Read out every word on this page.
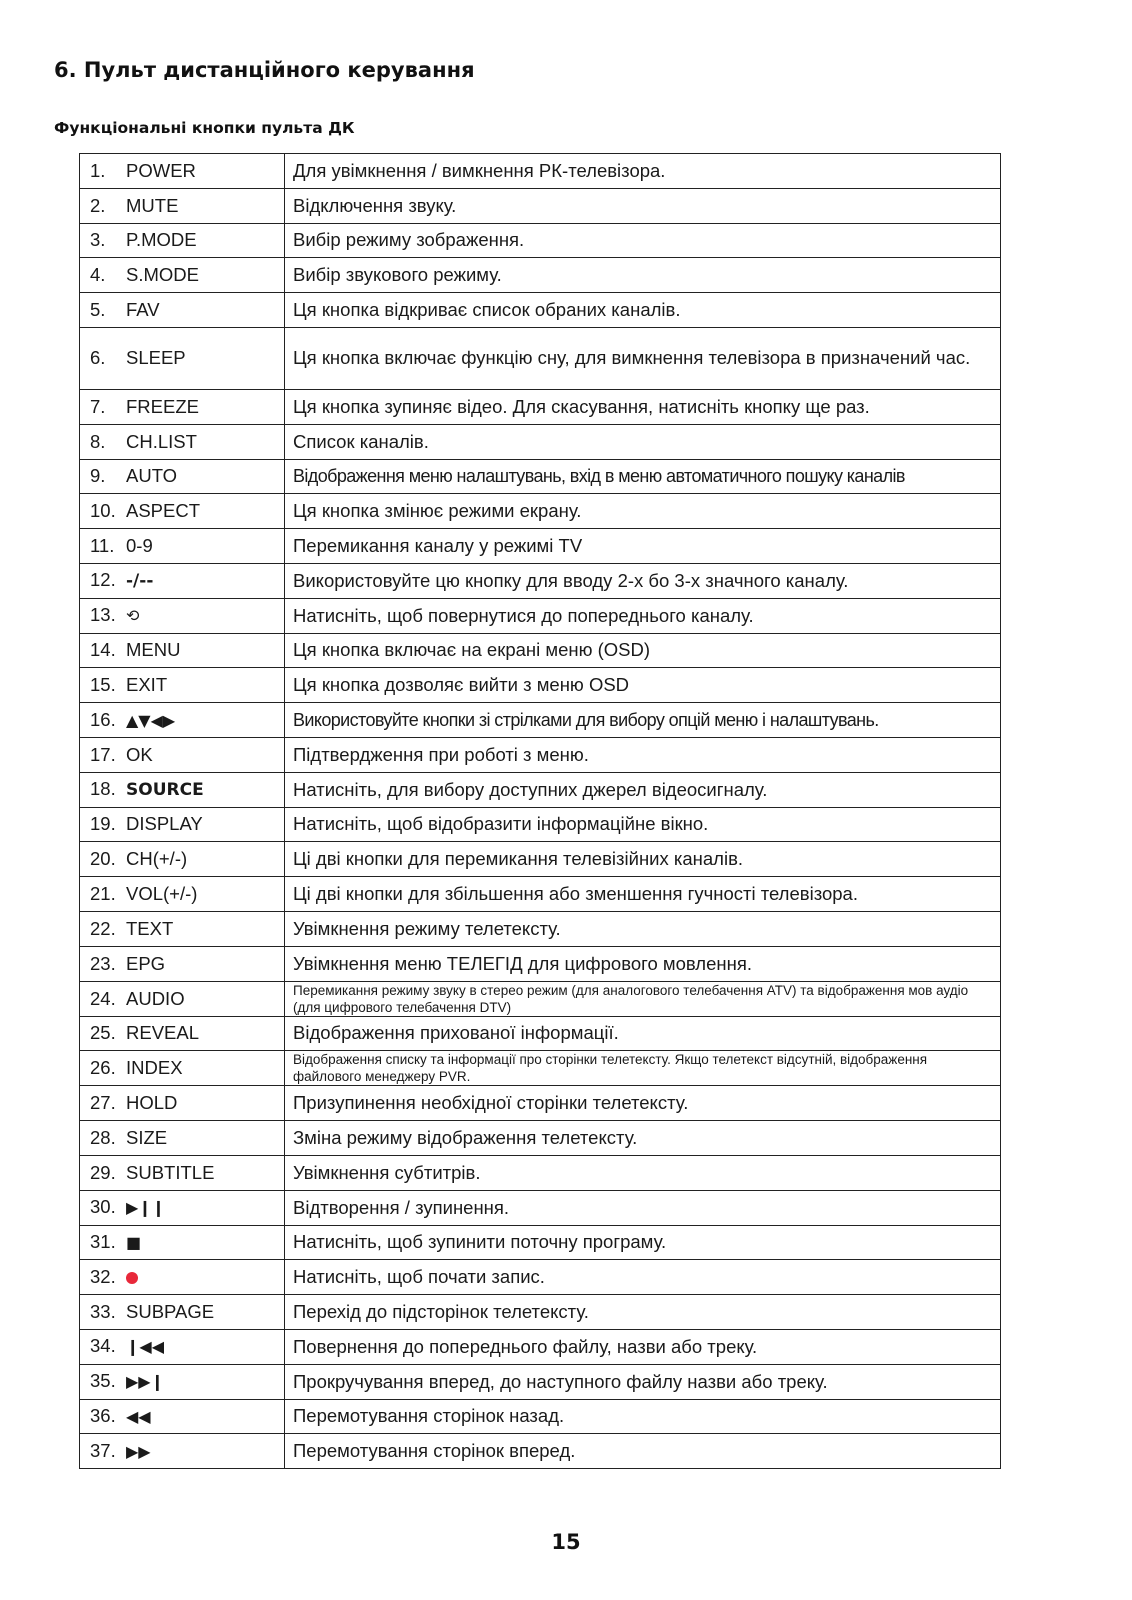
6. Пульт дистанційного керування
Функціональні кнопки пульта ДК
1. POWER	Для увімкнення / вимкнення РК-телевізора.
2. MUTE	Відключення звуку.
3. P.MODE	Вибір режиму зображення.
4. S.MODE	Вибір звукового режиму.
5. FAV	Ця кнопка відкриває список обраних каналів.
6. SLEEP	Ця кнопка включає функцію сну, для вимкнення телевізора в призначений час.
7. FREEZE	Ця кнопка зупиняє відео. Для скасування, натисніть кнопку ще раз.
8. CH.LIST	Список каналів.
9. AUTO	Відображення меню налаштувань, вхід в меню автоматичного пошуку каналів
10. ASPECT	Ця кнопка змінює режими екрану.
11. 0-9	Перемикання каналу у режимі TV
12. -/--	Використовуйте цю кнопку для вводу 2-х бо 3-х значного каналу.
13. ⟲	Натисніть, щоб повернутися до попереднього каналу.
14. MENU	Ця кнопка включає на екрані меню (OSD)
15. EXIT	Ця кнопка дозволяє вийти з меню OSD
16. ▲▼◀▶	Використовуйте кнопки зі стрілками для вибору опцій меню і налаштувань.
17. OK	Підтвердження при роботі з меню.
18. SOURCE	Натисніть, для вибору доступних джерел відеосигналу.
19. DISPLAY	Натисніть, щоб відобразити інформаційне вікно.
20. CH(+/-)	Ці дві кнопки для перемикання телевізійних каналів.
21. VOL(+/-)	Ці дві кнопки для збільшення або зменшення гучності телевізора.
22. TEXT	Увімкнення режиму телетексту.
23. EPG	Увімкнення меню ТЕЛЕГІД для цифрового мовлення.
24. AUDIO	Перемикання режиму звуку в стерео режим (для аналогового телебачення ATV) та відображення мов аудіо (для цифрового телебачення DTV)
25. REVEAL	Відображення прихованої інформації.
26. INDEX	Відображення списку та інформації про сторінки телетексту. Якщо телетекст відсутній, відображення файлового менеджеру PVR.
27. HOLD	Призупинення необхідної сторінки телетексту.
28. SIZE	Зміна режиму відображення телетексту.
29. SUBTITLE	Увімкнення субтитрів.
30. ▶❙❙	Відтворення / зупинення.
31. ■	Натисніть, щоб зупинити поточну програму.
32.	Натисніть, щоб почати запис.
33. SUBPAGE	Перехід до підсторінок телетексту.
34. ❙◀◀	Повернення до попереднього файлу, назви або треку.
35. ▶▶❙	Прокручування вперед, до наступного файлу назви або треку.
36. ◀◀	Перемотування сторінок назад.
37. ▶▶	Перемотування сторінок вперед.
15
